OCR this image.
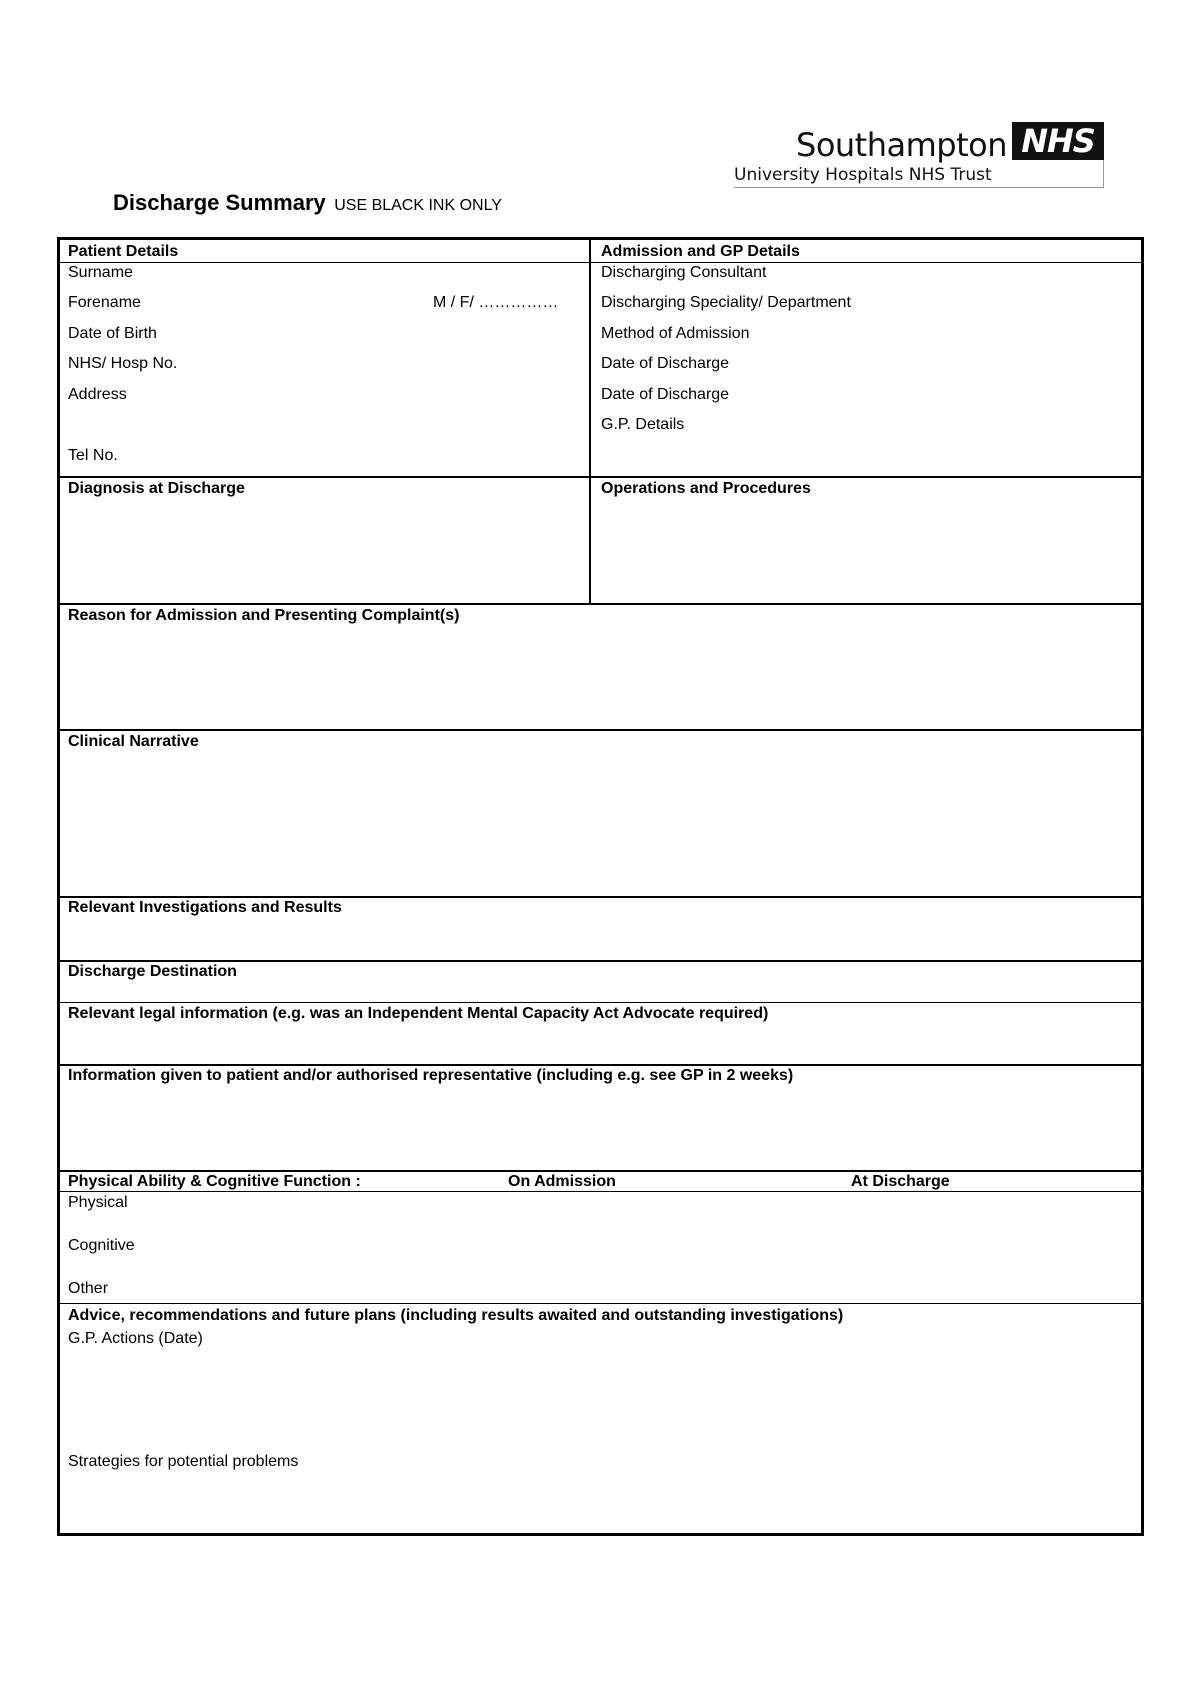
Southampton NHS
University Hospitals NHS Trust
Discharge Summary USE BLACK INK ONLY
Patient Details
Surname
Forename	M / F/ ……………
Date of Birth
NHS/ Hosp No.
Address
Tel No.
Admission and GP Details
Discharging Consultant
Discharging Speciality/ Department
Method of Admission
Date of Discharge
Date of Discharge
G.P. Details
Diagnosis at Discharge	Operations and Procedures
Reason for Admission and Presenting Complaint(s)
Clinical Narrative
Relevant Investigations and Results
Discharge Destination
Relevant legal information (e.g. was an Independent Mental Capacity Act Advocate required)
Information given to patient and/or authorised representative (including e.g. see GP in 2 weeks)
Physical Ability & Cognitive Function :	On Admission	At Discharge
Physical
Cognitive
Other
Advice, recommendations and future plans (including results awaited and outstanding investigations)
G.P. Actions (Date)
Strategies for potential problems
